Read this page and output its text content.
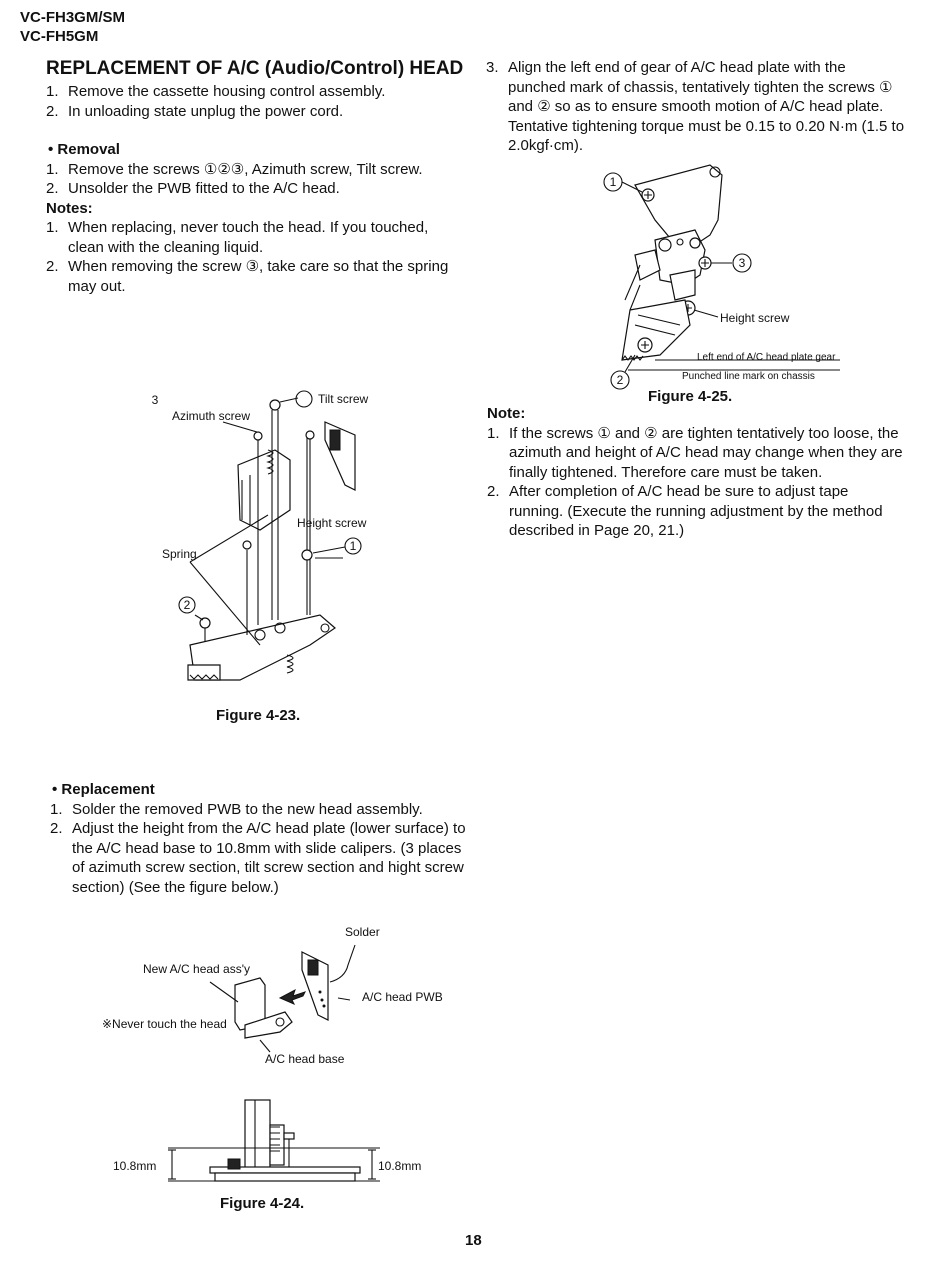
VC-FH3GM/SM
VC-FH5GM
REPLACEMENT OF A/C (Audio/Control) HEAD
1. Remove the cassette housing control assembly.
2. In unloading state unplug the power cord.
• Removal
1. Remove the screws ①②③, Azimuth screw, Tilt screw.
2. Unsolder the PWB fitted to the A/C head.
Notes:
1. When replacing, never touch the head. If you touched, clean with the cleaning liquid.
2. When removing the screw ③, take care so that the spring may out.
3
1
2
Tilt screw
Azimuth screw
Height screw
Spring
Figure 4-23.
• Replacement
1. Solder the removed PWB to the new head assembly.
2. Adjust the height from the A/C head plate (lower surface) to the A/C head base to 10.8mm with slide calipers. (3 places of azimuth screw section, tilt screw section and hight screw section) (See the figure below.)
Solder
New A/C head ass'y
A/C head PWB
※Never touch the head
A/C head base
10.8mm	10.8mm
Figure 4-24.
3. Align the left end of gear of A/C head plate with the punched mark of chassis, tentatively tighten the screws ① and ② so as to ensure smooth motion of A/C head plate. Tentative tightening torque must be 0.15 to 0.20 N·m (1.5 to 2.0kgf·cm).
1
3
2
Height screw
Left end of A/C head plate gear
Punched line mark on chassis
Figure 4-25.
Note:
1. If the screws ① and ② are tighten tentatively too loose, the azimuth and height of A/C head may change when they are finally tightened. Therefore care must be taken.
2. After completion of A/C head be sure to adjust tape running. (Execute the running adjustment by the method described in Page 20, 21.)
18
